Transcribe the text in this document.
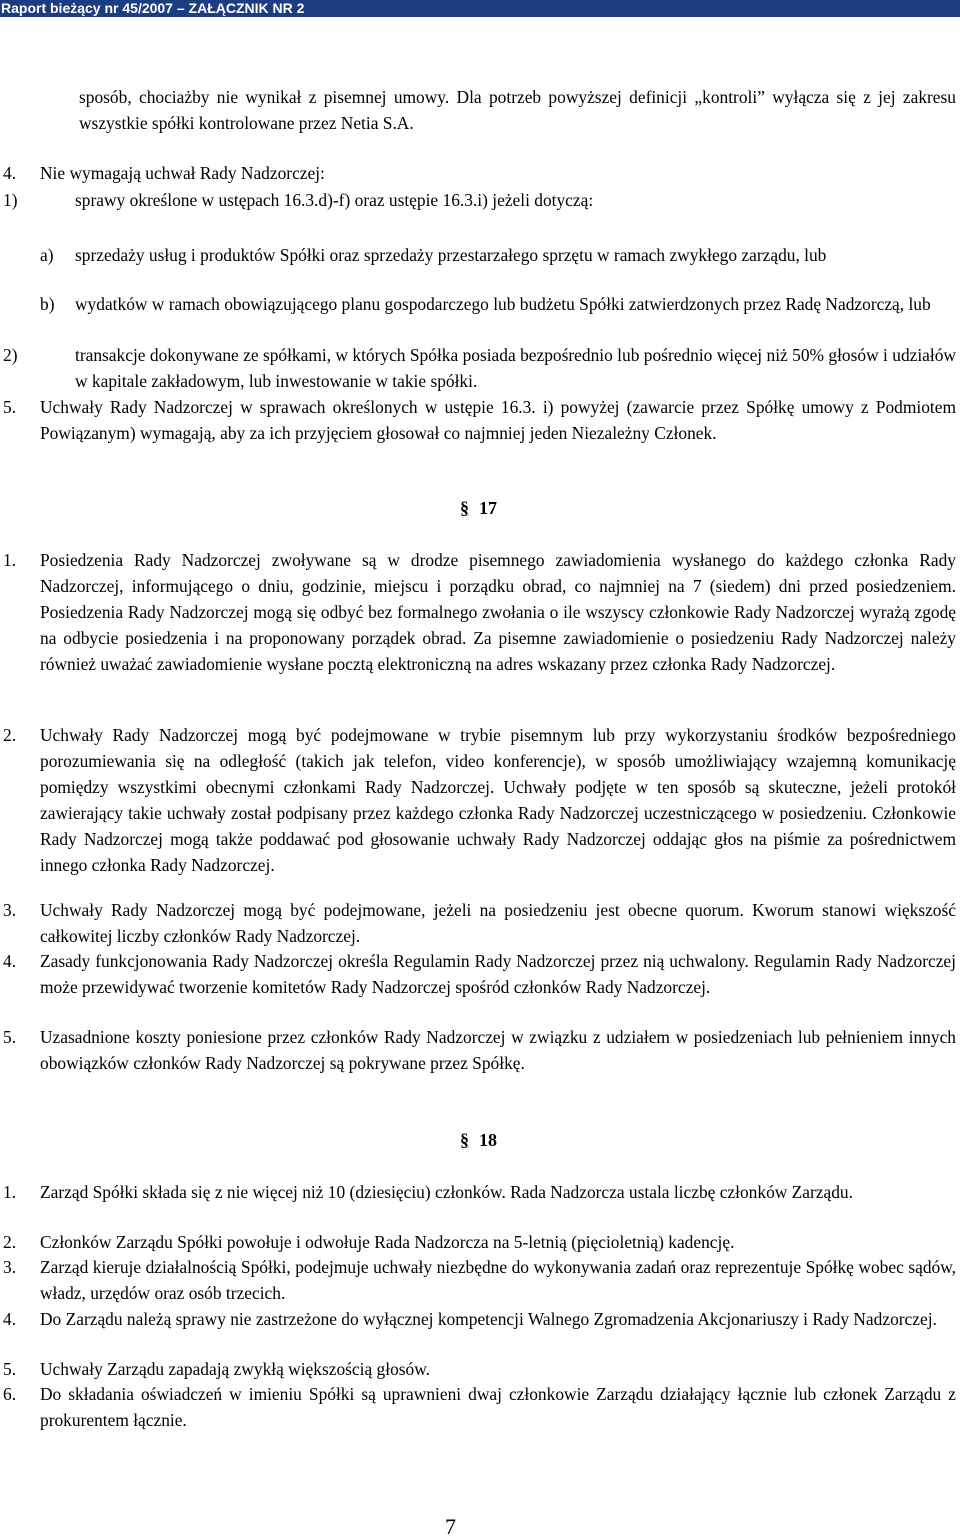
Raport bieżący nr 45/2007 – ZAŁĄCZNIK NR 2

sposób, chociażby nie wynikał z pisemnej umowy. Dla potrzeb powyższej definicji „kontroli” wyłącza się z jej zakresu wszystkie spółki kontrolowane przez Netia S.A.

4. Nie wymagają uchwał Rady Nadzorczej:
1)	sprawy określone w ustępach 16.3.d)-f) oraz ustępie 16.3.i) jeżeli dotyczą:
a) sprzedaży usług i produktów Spółki oraz sprzedaży przestarzałego sprzętu w ramach zwykłego zarządu, lub

b) wydatków w ramach obowiązującego planu gospodarczego lub budżetu Spółki zatwierdzonych przez Radę Nadzorczą, lub

2)	transakcje dokonywane ze spółkami, w których Spółka posiada bezpośrednio lub pośrednio więcej niż 50% głosów i udziałów w kapitale zakładowym, lub inwestowanie w takie spółki.

5. Uchwały Rady Nadzorczej w sprawach określonych w ustępie 16.3. i) powyżej (zawarcie przez Spółkę umowy z Podmiotem Powiązanym) wymagają, aby za ich przyjęciem głosował co najmniej jeden Niezależny Członek.

§ 17
1. Posiedzenia Rady Nadzorczej zwoływane są w drodze pisemnego zawiadomienia wysłanego do każdego członka Rady Nadzorczej, informującego o dniu, godzinie, miejscu i porządku obrad, co najmniej na 7 (siedem) dni przed posiedzeniem. Posiedzenia Rady Nadzorczej mogą się odbyć bez formalnego zwołania o ile wszyscy członkowie Rady Nadzorczej wyrażą zgodę na odbycie posiedzenia i na proponowany porządek obrad. Za pisemne zawiadomienie o posiedzeniu Rady Nadzorczej należy również uważać zawiadomienie wysłane pocztą elektroniczną na adres wskazany przez członka Rady Nadzorczej.

2. Uchwały Rady Nadzorczej mogą być podejmowane w trybie pisemnym lub przy wykorzystaniu środków bezpośredniego porozumiewania się na odległość (takich jak telefon, video konferencje), w sposób umożliwiający wzajemną komunikację pomiędzy wszystkimi obecnymi członkami Rady Nadzorczej. Uchwały podjęte w ten sposób są skuteczne, jeżeli protokół zawierający takie uchwały został podpisany przez każdego członka Rady Nadzorczej uczestniczącego w posiedzeniu. Członkowie Rady Nadzorczej mogą także poddawać pod głosowanie uchwały Rady Nadzorczej oddając głos na piśmie za pośrednictwem innego członka Rady Nadzorczej.

3. Uchwały Rady Nadzorczej mogą być podejmowane, jeżeli na posiedzeniu jest obecne quorum. Kworum stanowi większość całkowitej liczby członków Rady Nadzorczej.

4. Zasady funkcjonowania Rady Nadzorczej określa Regulamin Rady Nadzorczej przez nią uchwalony. Regulamin Rady Nadzorczej może przewidywać tworzenie komitetów Rady Nadzorczej spośród członków Rady Nadzorczej.

5. Uzasadnione koszty poniesione przez członków Rady Nadzorczej w związku z udziałem w posiedzeniach lub pełnieniem innych obowiązków członków Rady Nadzorczej są pokrywane przez Spółkę.

§ 18
1. Zarząd Spółki składa się z nie więcej niż 10 (dziesięciu) członków. Rada Nadzorcza ustala liczbę członków Zarządu.

2. Członków Zarządu Spółki powołuje i odwołuje Rada Nadzorcza na 5-letnią (pięcioletnią) kadencję.

3. Zarząd kieruje działalnością Spółki, podejmuje uchwały niezbędne do wykonywania zadań oraz reprezentuje Spółkę wobec sądów, władz, urzędów oraz osób trzecich.

4. Do Zarządu należą sprawy nie zastrzeżone do wyłącznej kompetencji Walnego Zgromadzenia Akcjonariuszy i Rady Nadzorczej.

5. Uchwały Zarządu zapadają zwykłą większością głosów.

6. Do składania oświadczeń w imieniu Spółki są uprawnieni dwaj członkowie Zarządu działający łącznie lub członek Zarządu z prokurentem łącznie.

7
